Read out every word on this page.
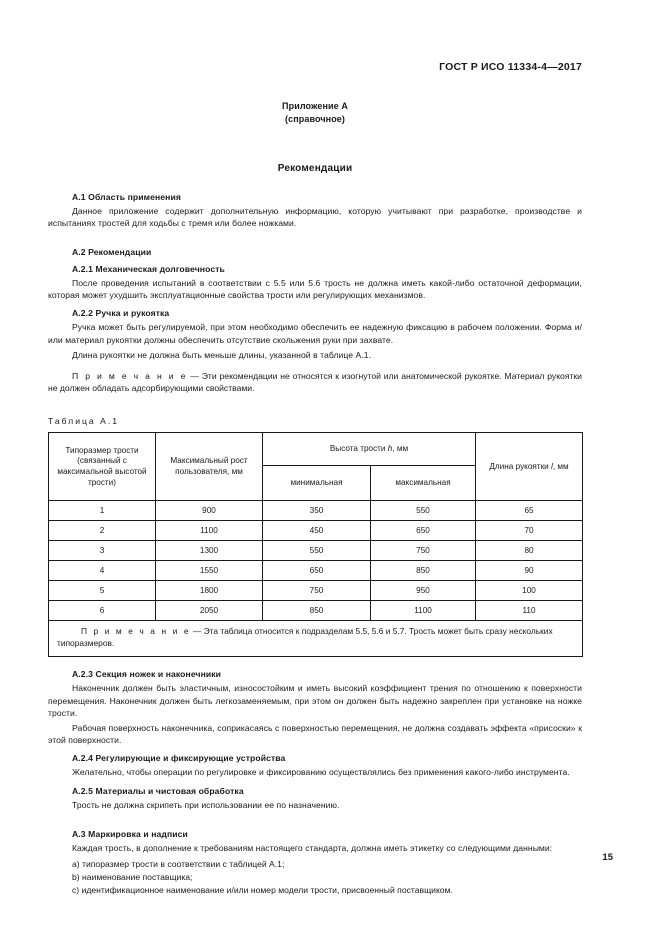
ГОСТ Р ИСО 11334-4—2017
Приложение А
(справочное)
Рекомендации
A.1 Область применения

Данное приложение содержит дополнительную информацию, которую учитывают при разработке, производстве и испытаниях тростей для ходьбы с тремя или более ножками.

A.2 Рекомендации
A.2.1 Механическая долговечность

После проведения испытаний в соответствии с 5.5 или 5.6 трость не должна иметь какой-либо остаточной деформации, которая может ухудшить эксплуатационные свойства трости или регулирующих механизмов.

A.2.2 Ручка и рукоятка

Ручка может быть регулируемой, при этом необходимо обеспечить ее надежную фиксацию в рабочем положении. Форма и/или материал рукоятки должны обеспечить отсутствие скольжения руки при захвате.

Длина рукоятки не должна быть меньше длины, указанной в таблице А.1.

П р и м е ч а н и е — Эти рекомендации не относятся к изогнутой или анатомической рукоятке. Материал рукоятки не должен обладать адсорбирующими свойствами.

Таблица А.1
Типоразмер трости (связанный с максимальной высотой трости)	Максимальный рост пользователя, мм	Высота трости h, мм		Длина рукоятки l, мм
		минимальная	максимальная	
1	900	350	550	65
2	1100	450	650	70
3	1300	550	750	80
4	1550	650	850	90
5	1800	750	950	100
6	2050	850	1100	110
П р и м е ч а н и е — Эта таблица относится к подразделам 5.5, 5.6 и 5.7. Трость может быть сразу нескольких типоразмеров.				
A.2.3 Секция ножек и наконечники

Наконечник должен быть эластичным, износостойким и иметь высокий коэффициент трения по отношению к поверхности перемещения. Наконечник должен быть легкозаменяемым, при этом он должен быть надежно закреплен при установке на ножке трости.

Рабочая поверхность наконечника, соприкасаясь с поверхностью перемещения, не должна создавать эффекта «присоски» к этой поверхности.

A.2.4 Регулирующие и фиксирующие устройства

Желательно, чтобы операции по регулировке и фиксированию осуществлялись без применения какого-либо инструмента.

A.2.5 Материалы и чистовая обработка

Трость не должна скрипеть при использовании ее по назначению.

A.3 Маркировка и надписи

Каждая трость, в дополнение к требованиям настоящего стандарта, должна иметь этикетку со следующими данными:

a) типоразмер трости в соответствии с таблицей А.1;
b) наименование поставщика;
c) идентификационное наименование и/или номер модели трости, присвоенный поставщиком.
15
